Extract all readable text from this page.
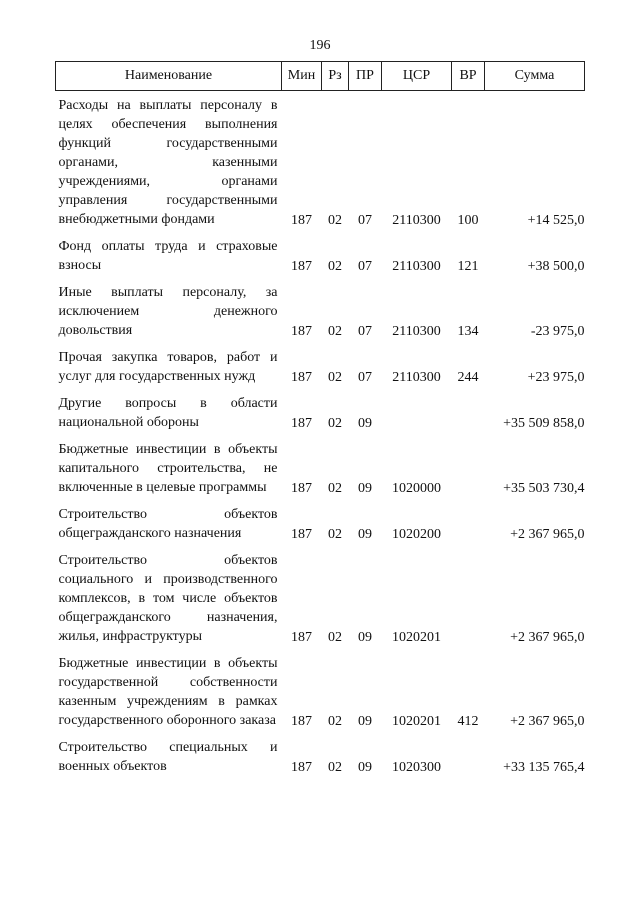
196
Наименование	Мин	Рз	ПР	ЦСР	ВР	Сумма
Расходы на выплаты персоналу в целях обеспечения выполнения функций государственными органами, казенными учреждениями, органами управления государственными внебюджетными фондами	187	02	07	2110300	100	+14 525,0
Фонд оплаты труда и страховые взносы	187	02	07	2110300	121	+38 500,0
Иные выплаты персоналу, за исключением денежного довольствия	187	02	07	2110300	134	-23 975,0
Прочая закупка товаров, работ и услуг для государственных нужд	187	02	07	2110300	244	+23 975,0
Другие вопросы в области национальной обороны	187	02	09			+35 509 858,0
Бюджетные инвестиции в объекты капитального строительства, не включенные в целевые программы	187	02	09	1020000		+35 503 730,4
Строительство объектов общегражданского назначения	187	02	09	1020200		+2 367 965,0
Строительство объектов социального и производственного комплексов, в том числе объектов общегражданского назначения, жилья, инфраструктуры	187	02	09	1020201		+2 367 965,0
Бюджетные инвестиции в объекты государственной собственности казенным учреждениям в рамках государственного оборонного заказа	187	02	09	1020201	412	+2 367 965,0
Строительство специальных и военных объектов	187	02	09	1020300		+33 135 765,4
